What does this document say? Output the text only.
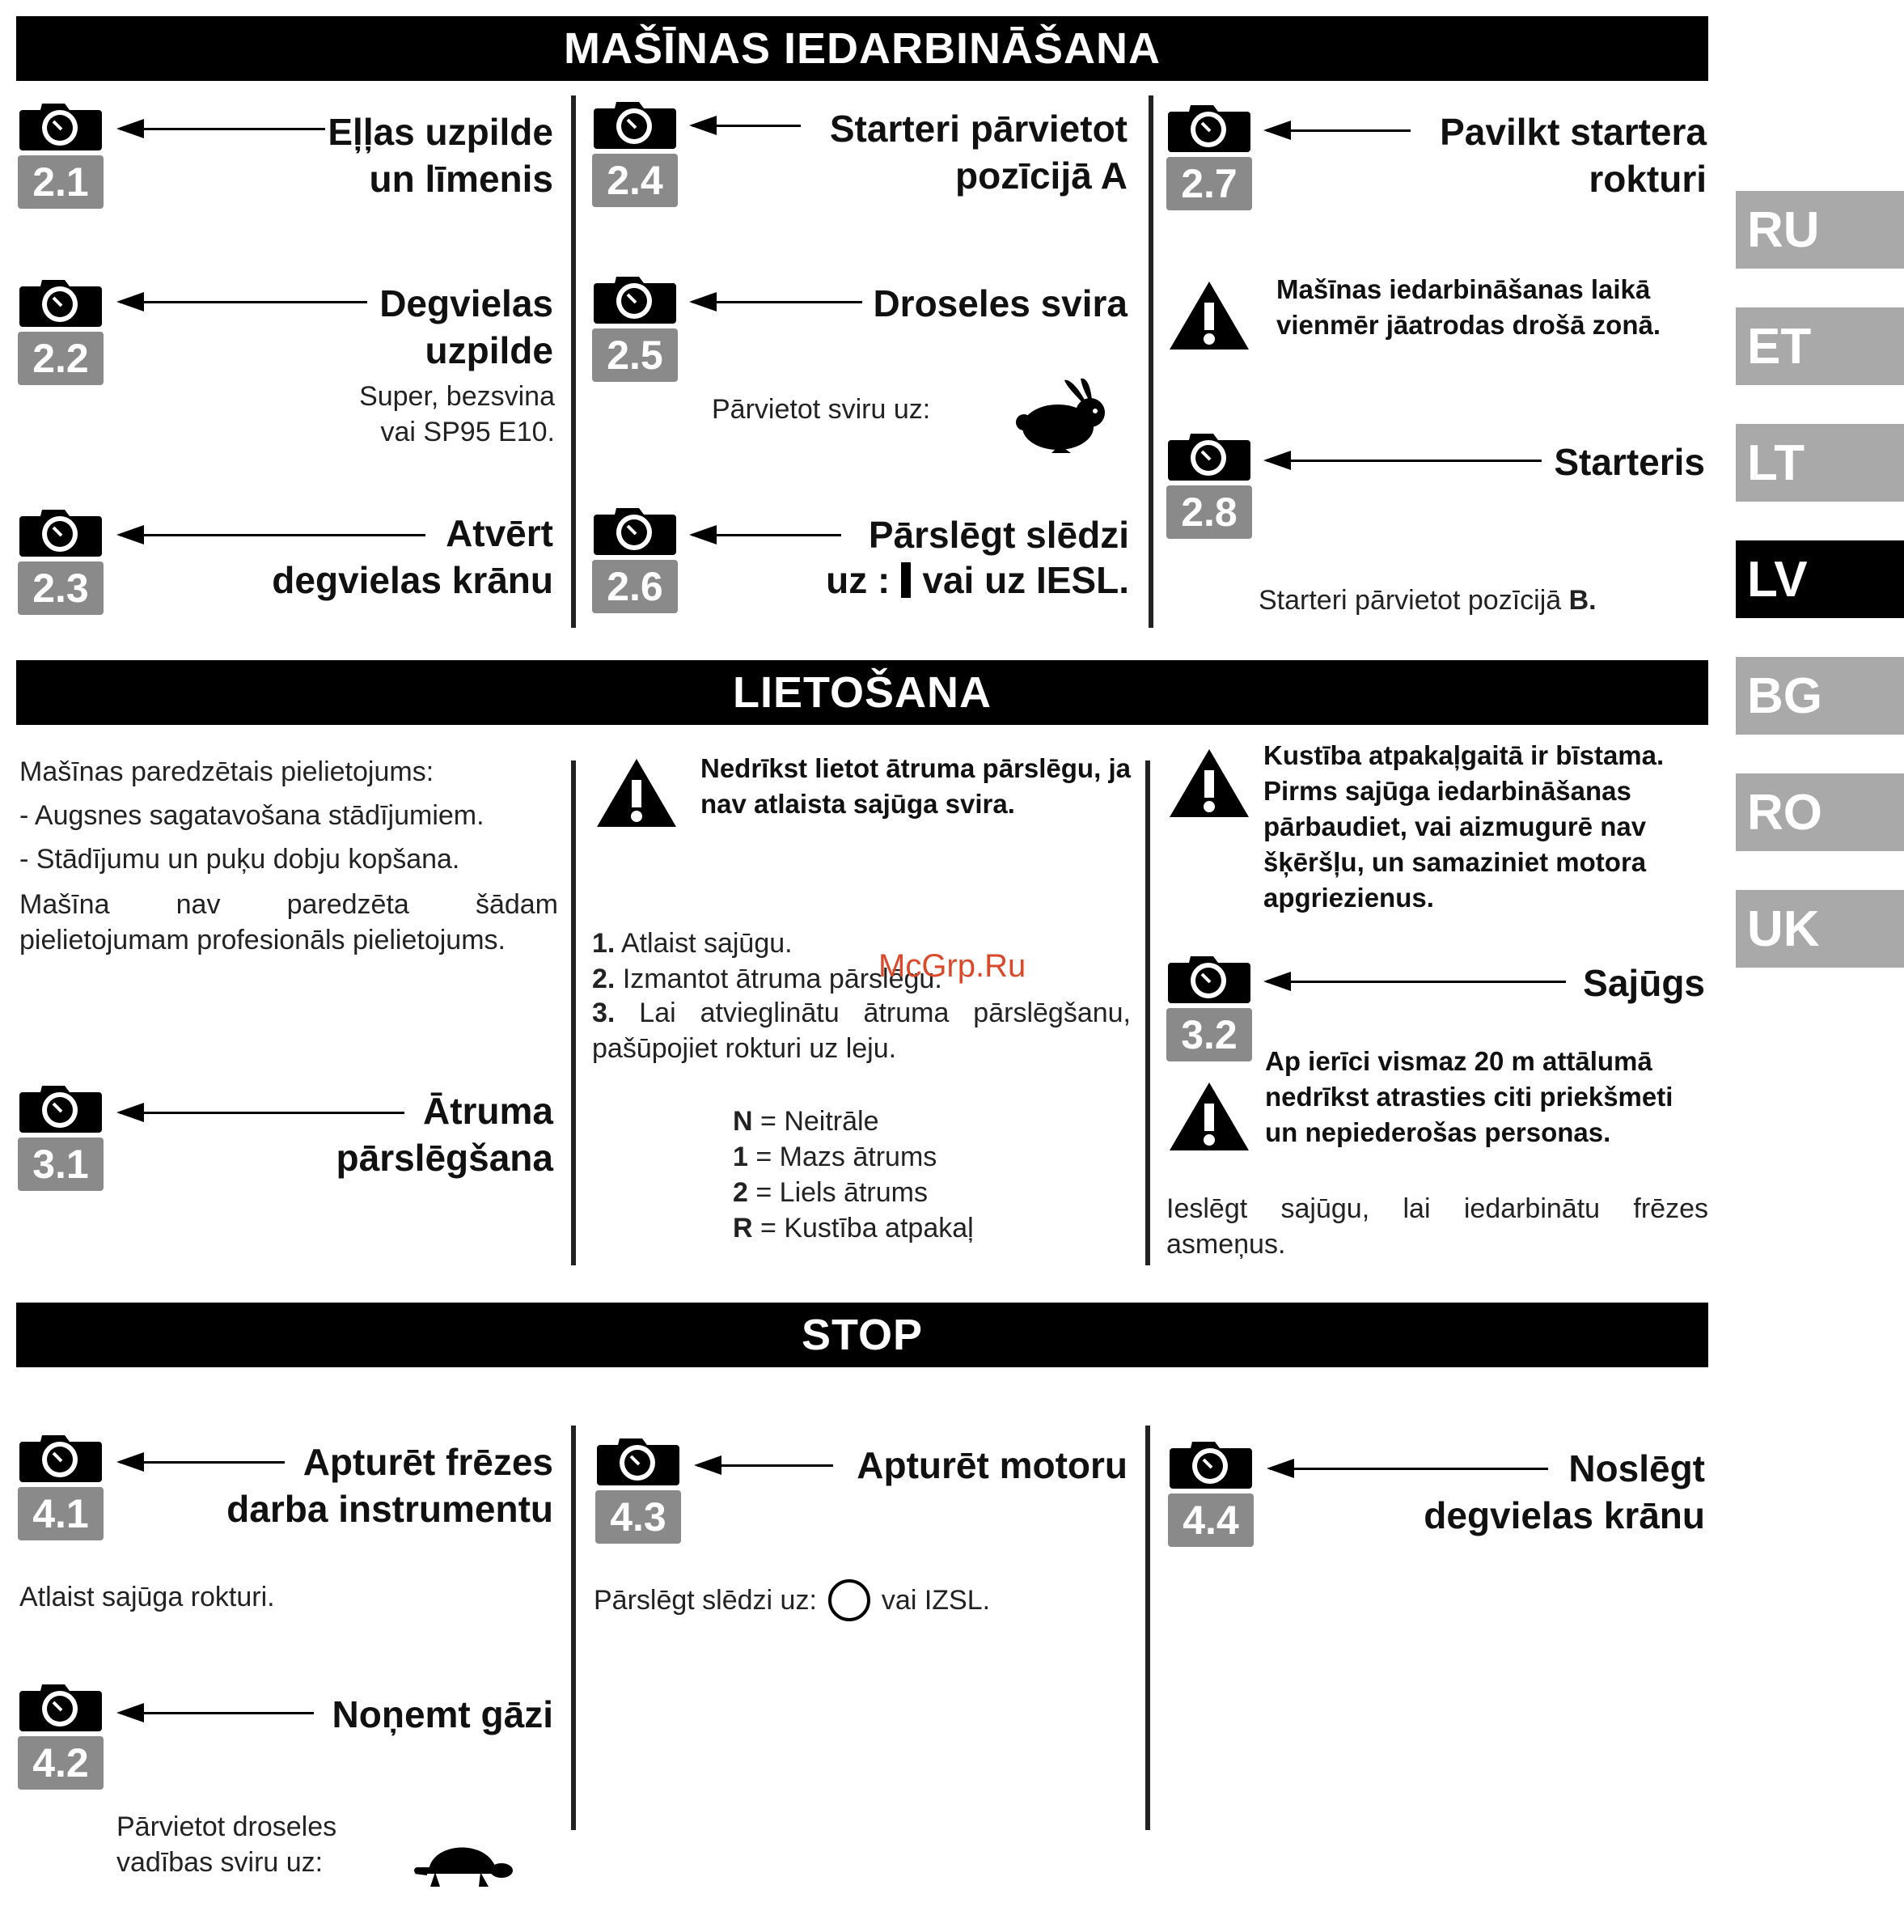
MAŠĪNAS IEDARBINĀŠANA
LIETOŠANA
STOP
2.1
Eļļas uzpilde
un līmenis
2.2
Degvielas
uzpilde
Super, bezsvina
vai SP95 E10.
2.3
Atvērt
degvielas krānu
2.4
Starteri pārvietot
pozīcijā A
2.5
Droseles svira
Pārvietot sviru uz:
2.6
Pārslēgt slēdzi
uz : vai uz IESL.
2.7
Pavilkt startera
rokturi
Mašīnas iedarbināšanas laikā vienmēr jāatrodas drošā zonā.
2.8
Starteris
Starteri pārvietot pozīcijā B.
Mašīnas paredzētais pielietojums:
- Augsnes sagatavošana stādījumiem.
- Stādījumu un puķu dobju kopšana.
Mašīna nav paredzēta šādam pielietojumam profesionāls pielietojums.
3.1
Ātruma
pārslēgšana
Nedrīkst lietot ātruma pārslēgu, ja nav atlaista sajūga svira.
1. Atlaist sajūgu.
2. Izmantot ātruma pārslēgu.
3. Lai atvieglinātu ātruma pārslēgšanu, pašūpojiet rokturi uz leju.
McGrp.Ru
N = Neitrāle
1 = Mazs ātrums
2 = Liels ātrums
R = Kustība atpakaļ
Kustība atpakaļgaitā ir bīstama. Pirms sajūga iedarbināšanas pārbaudiet, vai aizmugurē nav šķēršļu, un samaziniet motora apgriezienus.
3.2
Sajūgs
Ap ierīci vismaz 20 m attālumā nedrīkst atrasties citi priekšmeti un nepiederošas personas.
Ieslēgt sajūgu, lai iedarbinātu frēzes asmeņus.
4.1
Apturēt frēzes
darba instrumentu
Atlaist sajūga rokturi.
4.2
Noņemt gāzi
Pārvietot droseles
vadības sviru uz:
4.3
Apturēt motoru
Pārslēgt slēdzi uz: vai IZSL.
4.4
Noslēgt
degvielas krānu
RU
ET
LT
LV
BG
RO
UK
